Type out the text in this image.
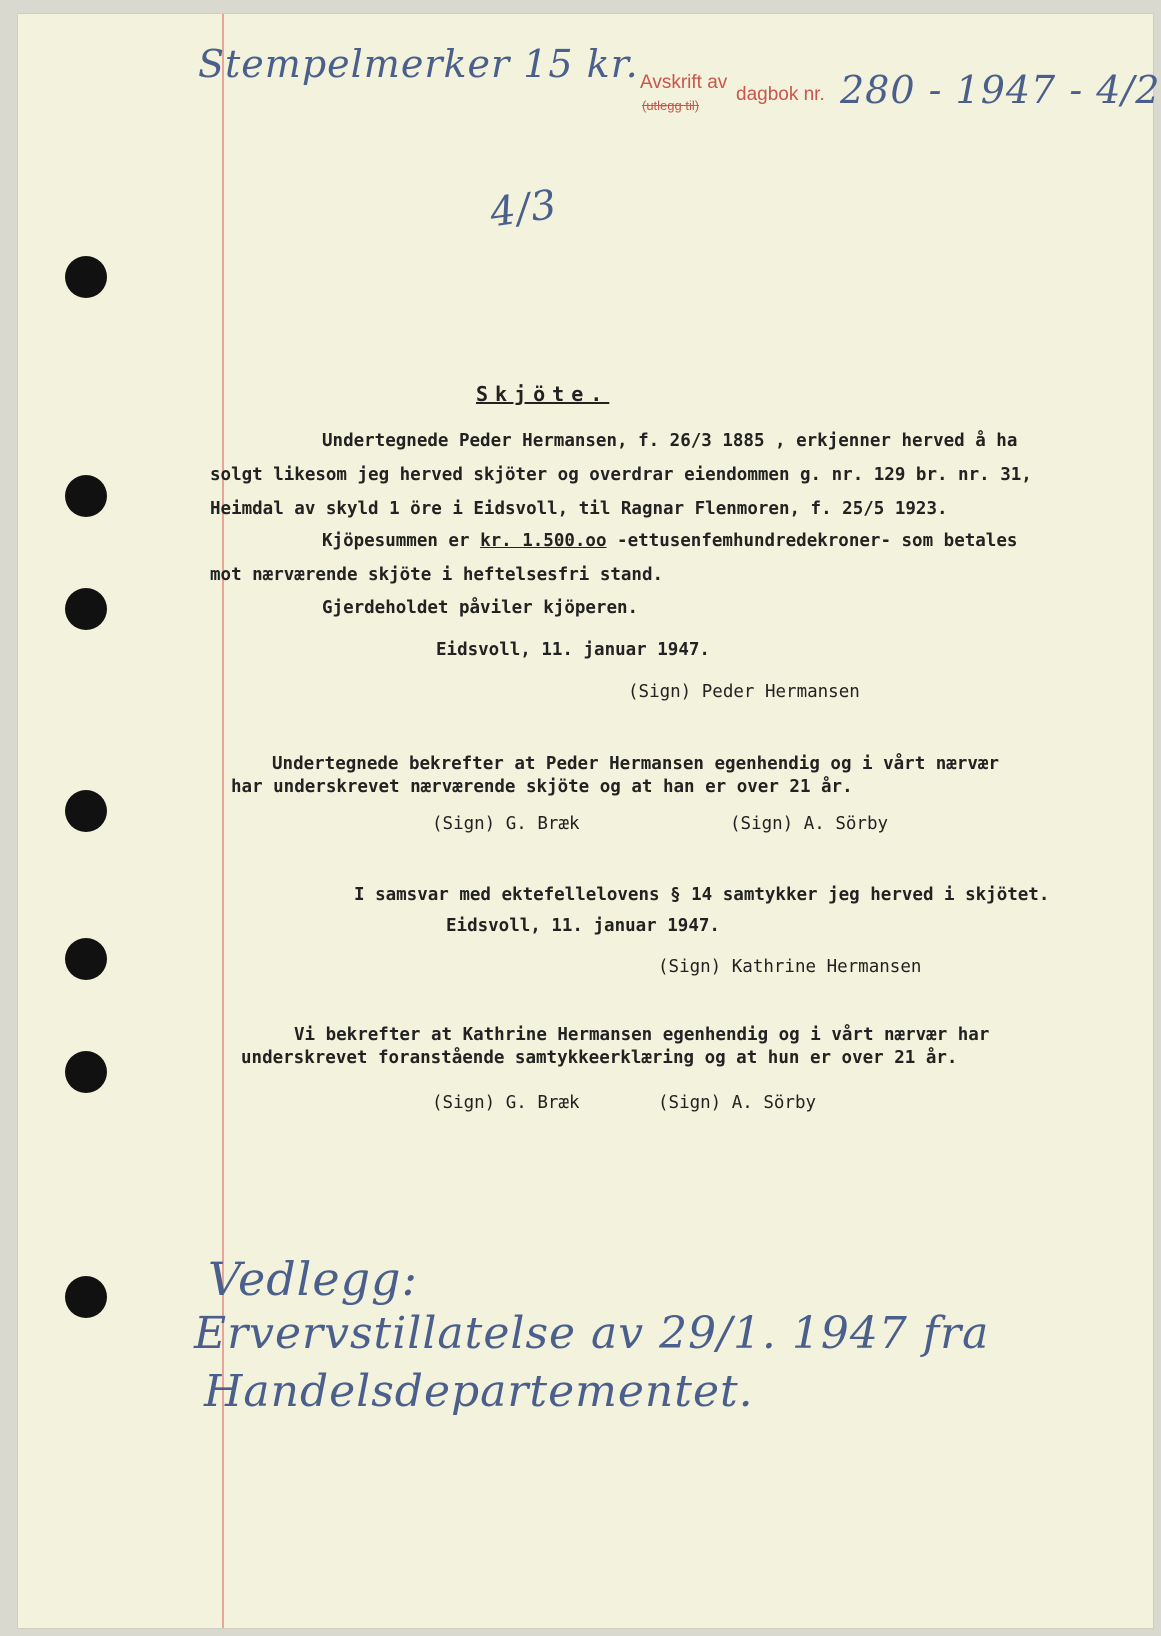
Stempelmerker 15 kr. Avskrift av
(utlegg til)
dagbok nr. 280 - 1947 - 4/2
4/3
Skjöte.
Undertegnede Peder Hermansen, f. 26/3 1885 , erkjenner herved å ha
solgt likesom jeg herved skjöter og overdrar eiendommen g. nr. 129 br. nr. 31,
Heimdal av skyld 1 öre i Eidsvoll, til Ragnar Flenmoren, f. 25/5 1923.
Kjöpesummen er kr. 1.500.oo -ettusenfemhundredekroner- som betales
mot nærværende skjöte i heftelsesfri stand.
Gjerdeholdet påviler kjöperen.
Eidsvoll, 11. januar 1947.
(Sign) Peder Hermansen
Undertegnede bekrefter at Peder Hermansen egenhendig og i vårt nærvær
har underskrevet nærværende skjöte og at han er over 21 år.
(Sign) G. Bræk	(Sign) A. Sörby
I samsvar med ektefellelovens § 14 samtykker jeg herved i skjötet.
Eidsvoll, 11. januar 1947.
(Sign) Kathrine Hermansen
Vi bekrefter at Kathrine Hermansen egenhendig og i vårt nærvær har
underskrevet foranstående samtykkeerklæring og at hun er over 21 år.
(Sign) G. Bræk	(Sign) A. Sörby
Vedlegg:
Ervervstillatelse av 29/1. 1947 fra
Handelsdepartementet.
